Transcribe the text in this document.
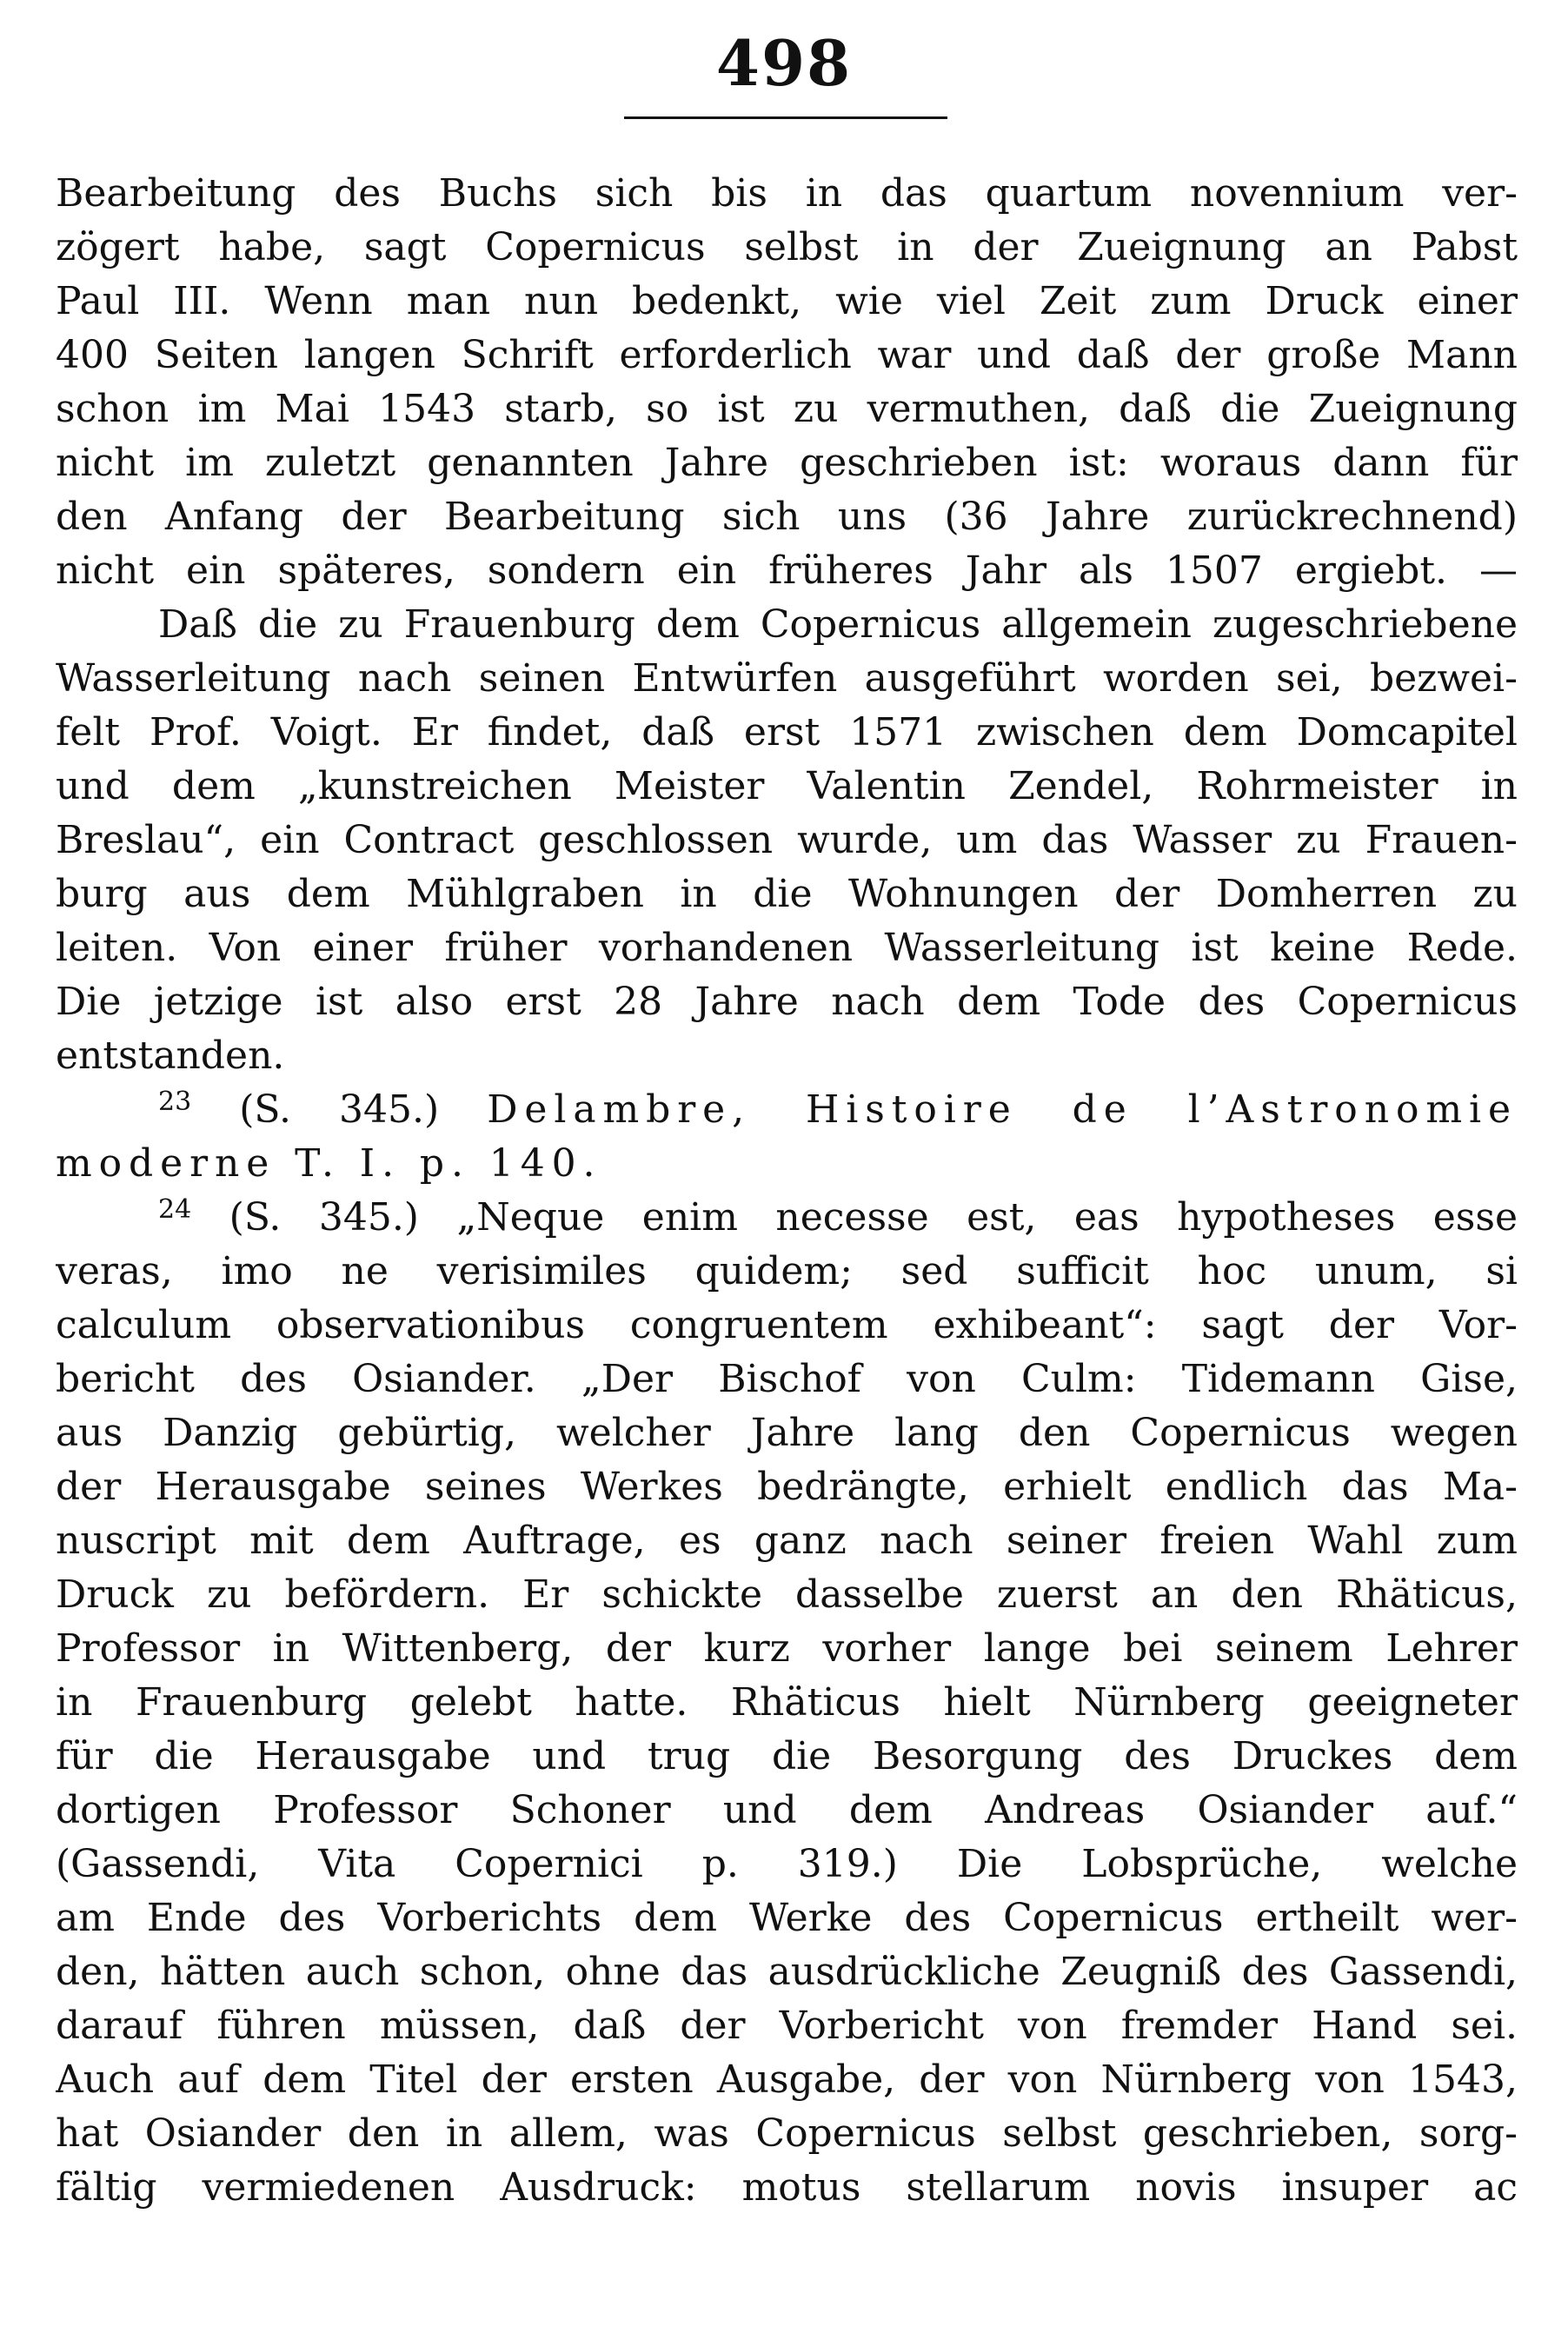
498
Bearbeitung des Buchs sich bis in das quartum novennium ver-
zögert habe, sagt Copernicus selbst in der Zueignung an Pabst
Paul III. Wenn man nun bedenkt, wie viel Zeit zum Druck einer
400 Seiten langen Schrift erforderlich war und daß der große Mann
schon im Mai 1543 starb, so ist zu vermuthen, daß die Zueignung
nicht im zuletzt genannten Jahre geschrieben ist: woraus dann für
den Anfang der Bearbeitung sich uns (36 Jahre zurückrechnend)
nicht ein späteres, sondern ein früheres Jahr als 1507 ergiebt. —
Daß die zu Frauenburg dem Copernicus allgemein zugeschriebene
Wasserleitung nach seinen Entwürfen ausgeführt worden sei, bezwei-
felt Prof. Voigt. Er findet, daß erst 1571 zwischen dem Domcapitel
und dem „kunstreichen Meister Valentin Zendel, Rohrmeister in
Breslau“, ein Contract geschlossen wurde, um das Wasser zu Frauen-
burg aus dem Mühlgraben in die Wohnungen der Domherren zu
leiten. Von einer früher vorhandenen Wasserleitung ist keine Rede.
Die jetzige ist also erst 28 Jahre nach dem Tode des Copernicus
entstanden.
$^{23}$ (S. 345.) Delambre, Histoire de l’Astronomie
moderne T. I. p. 140.
$^{24}$ (S. 345.) „Neque enim necesse est, eas hypotheses esse
veras, imo ne verisimiles quidem; sed sufficit hoc unum, si
calculum observationibus congruentem exhibeant“: sagt der Vor-
bericht des Osiander. „Der Bischof von Culm: Tidemann Gise,
aus Danzig gebürtig, welcher Jahre lang den Copernicus wegen
der Herausgabe seines Werkes bedrängte, erhielt endlich das Ma-
nuscript mit dem Auftrage, es ganz nach seiner freien Wahl zum
Druck zu befördern. Er schickte dasselbe zuerst an den Rhäticus,
Professor in Wittenberg, der kurz vorher lange bei seinem Lehrer
in Frauenburg gelebt hatte. Rhäticus hielt Nürnberg geeigneter
für die Herausgabe und trug die Besorgung des Druckes dem
dortigen Professor Schoner und dem Andreas Osiander auf.“
(Gassendi, Vita Copernici p. 319.) Die Lobsprüche, welche
am Ende des Vorberichts dem Werke des Copernicus ertheilt wer-
den, hätten auch schon, ohne das ausdrückliche Zeugniß des Gassendi,
darauf führen müssen, daß der Vorbericht von fremder Hand sei.
Auch auf dem Titel der ersten Ausgabe, der von Nürnberg von 1543,
hat Osiander den in allem, was Copernicus selbst geschrieben, sorg-
fältig vermiedenen Ausdruck: motus stellarum novis insuper ac
